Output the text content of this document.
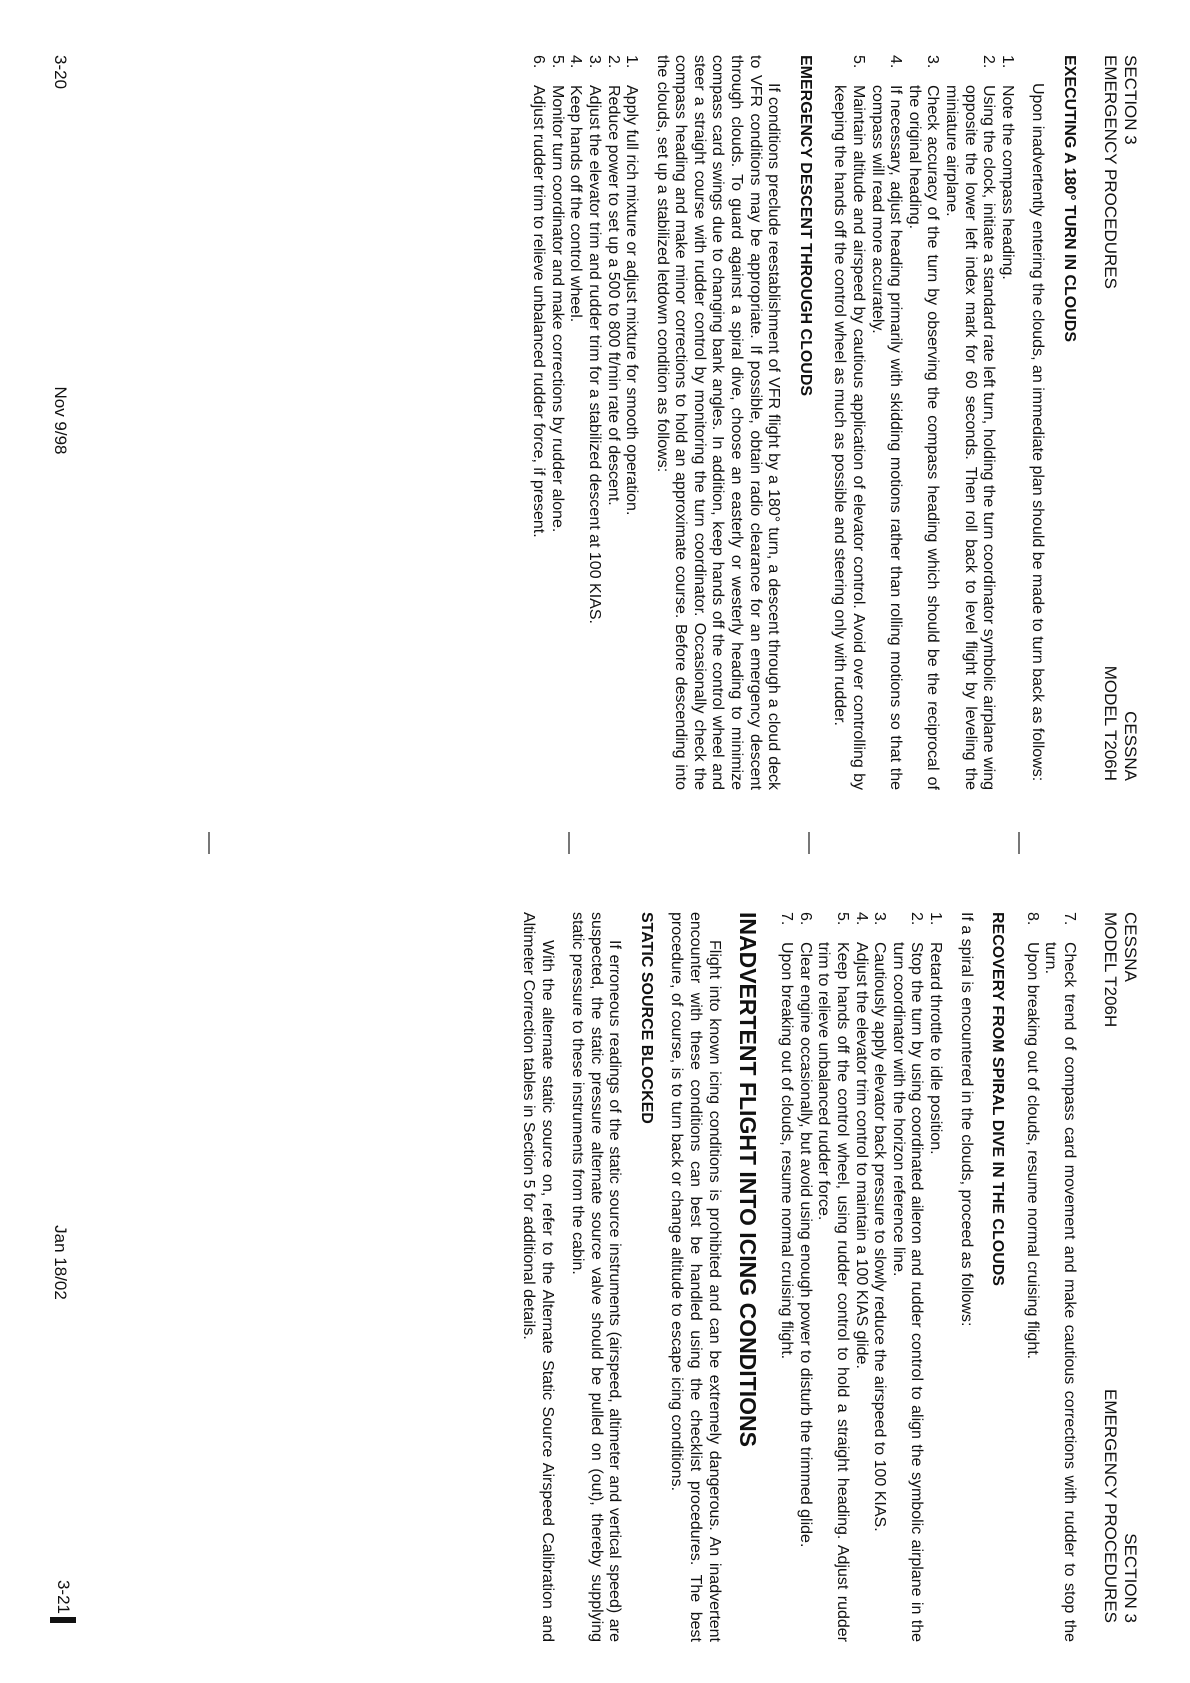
SECTION 3
EMERGENCY PROCEDURES
CESSNA
MODEL T206H
EXECUTING A 180° TURN IN CLOUDS

Upon inadvertently entering the clouds, an immediate plan should be made to turn back as follows:

1.
Note the compass heading.
2.
Using the clock, initiate a standard rate left turn, holding the turn coordinator symbolic airplane wing opposite the lower left index mark for 60 seconds. Then roll back to level flight by leveling the miniature airplane.
3.
Check accuracy of the turn by observing the compass heading which should be the reciprocal of the original heading.
4.
If necessary, adjust heading primarily with skidding motions rather than rolling motions so that the compass will read more accurately.
5.
Maintain altitude and airspeed by cautious application of elevator control. Avoid over controlling by keeping the hands off the control wheel as much as possible and steering only with rudder.
EMERGENCY DESCENT THROUGH CLOUDS

If conditions preclude reestablishment of VFR flight by a 180° turn, a descent through a cloud deck to VFR conditions may be appropriate. If possible, obtain radio clearance for an emergency descent through clouds. To guard against a spiral dive, choose an easterly or westerly heading to minimize compass card swings due to changing bank angles. In addition, keep hands off the control wheel and steer a straight course with rudder control by monitoring the turn coordinator. Occasionally check the compass heading and make minor corrections to hold an approximate course. Before descending into the clouds, set up a stabilized letdown condition as follows:

1.
Apply full rich mixture or adjust mixture for smooth operation.
2.
Reduce power to set up a 500 to 800 ft/min rate of descent.
3.
Adjust the elevator trim and rudder trim for a stabilized descent at 100 KIAS.
4.
Keep hands off the control wheel.
5.
Monitor turn coordinator and make corrections by rudder alone.
6.
Adjust rudder trim to relieve unbalanced rudder force, if present.
3-20
Nov 9/98
CESSNA
MODEL T206H
SECTION 3
EMERGENCY PROCEDURES
7.
Check trend of compass card movement and make cautious corrections with rudder to stop the turn.
8.
Upon breaking out of clouds, resume normal cruising flight.
RECOVERY FROM SPIRAL DIVE IN THE CLOUDS

If a spiral is encountered in the clouds, proceed as follows:

1.
Retard throttle to idle position.
2.
Stop the turn by using coordinated aileron and rudder control to align the symbolic airplane in the turn coordinator with the horizon reference line.
3.
Cautiously apply elevator back pressure to slowly reduce the airspeed to 100 KIAS.
4.
Adjust the elevator trim control to maintain a 100 KIAS glide.
5.
Keep hands off the control wheel, using rudder control to hold a straight heading. Adjust rudder trim to relieve unbalanced rudder force.
6.
Clear engine occasionally, but avoid using enough power to disturb the trimmed glide.
7.
Upon breaking out of clouds, resume normal cruising flight.
INADVERTENT FLIGHT INTO ICING CONDITIONS

Flight into known icing conditions is prohibited and can be extremely dangerous. An inadvertent encounter with these conditions can best be handled using the checklist procedures. The best procedure, of course, is to turn back or change altitude to escape icing conditions.

STATIC SOURCE BLOCKED

If erroneous readings of the static source instruments (airspeed, altimeter and vertical speed) are suspected, the static pressure alternate source valve should be pulled on (out), thereby supplying static pressure to these instruments from the cabin.

With the alternate static source on, refer to the Alternate Static Source Airspeed Calibration and Altimeter Correction tables in Section 5 for additional details.

Jan 18/02
3-21
